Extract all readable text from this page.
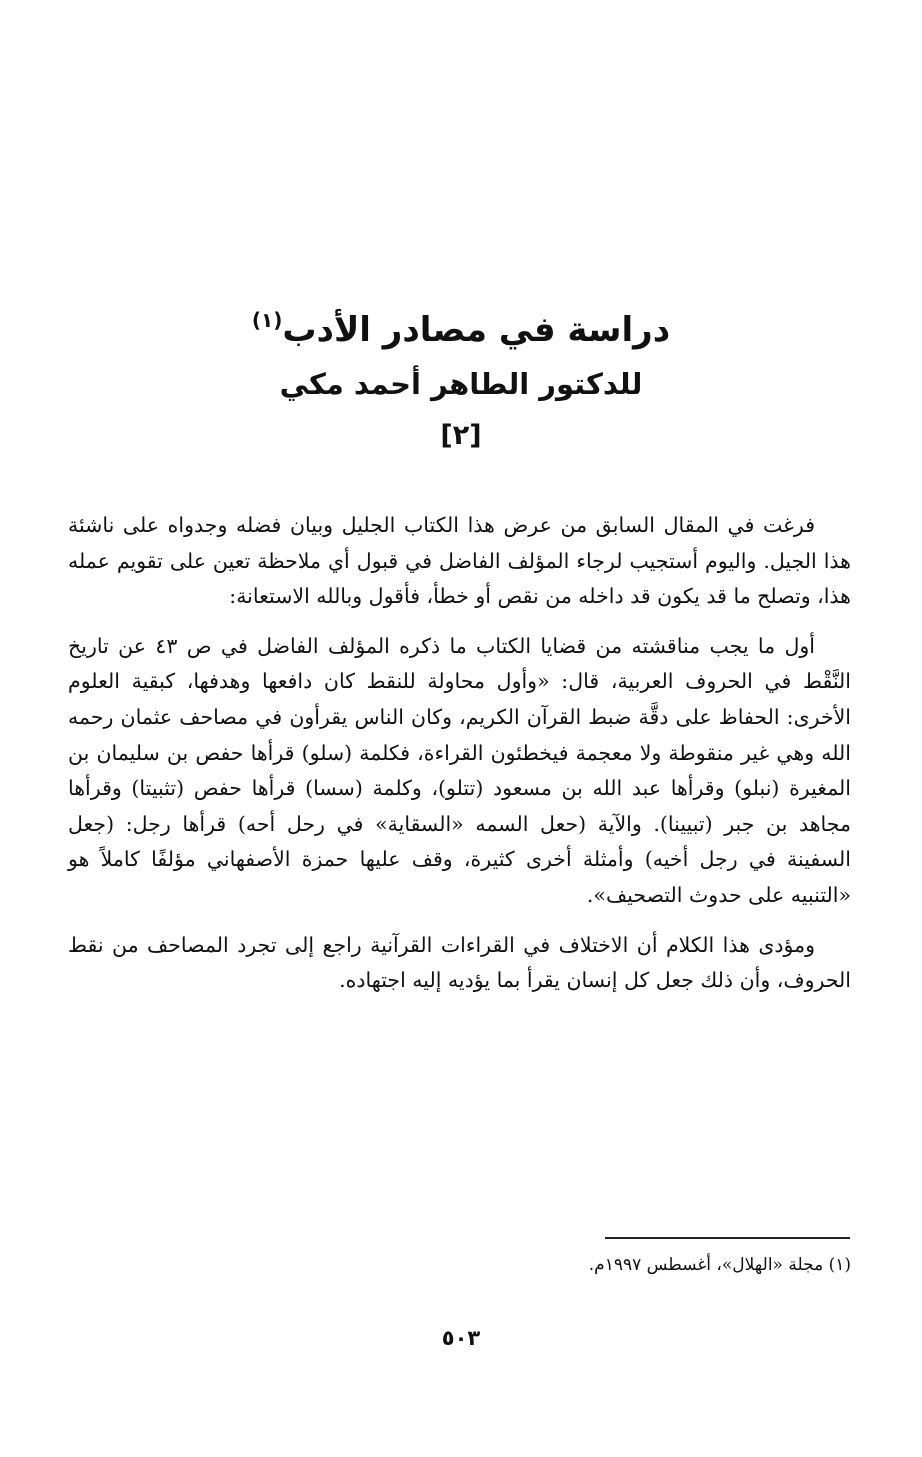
دراسة في مصادر الأدب$^{(١)}$
للدكتور الطاهر أحمد مكي
[٢]

فرغت في المقال السابق من عرض هذا الكتاب الجليل وبيان فضله وجدواه على ناشئة هذا الجيل. واليوم أستجيب لرجاء المؤلف الفاضل في قبول أي ملاحظة تعين على تقويم عمله هذا، وتصلح ما قد يكون قد داخله من نقص أو خطأ، فأقول وبالله الاستعانة:

أول ما يجب مناقشته من قضايا الكتاب ما ذكره المؤلف الفاضل في ص ٤٣ عن تاريخ النَّقْط في الحروف العربية، قال: «وأول محاولة للنقط كان دافعها وهدفها، كبقية العلوم الأخرى: الحفاظ على دقَّة ضبط القرآن الكريم، وكان الناس يقرأون في مصاحف عثمان رحمه الله وهي غير منقوطة ولا معجمة فيخطئون القراءة، فكلمة (سلو) قرأها حفص بن سليمان بن المغيرة (نبلو) وقرأها عبد الله بن مسعود (تتلو)، وكلمة (سسا) قرأها حفص (تثبيتا) وقرأها مجاهد بن جبر (تبيينا). والآية (حعل السمه «السقاية» في رحل أحه) قرأها رجل: (جعل السفينة في رجل أخيه) وأمثلة أخرى كثيرة، وقف عليها حمزة الأصفهاني مؤلفًا كاملاً هو «التنبيه على حدوث التصحيف».

ومؤدى هذا الكلام أن الاختلاف في القراءات القرآنية راجع إلى تجرد المصاحف من نقط الحروف، وأن ذلك جعل كل إنسان يقرأ بما يؤديه إليه اجتهاده.

(١) مجلة «الهلال»، أغسطس ١٩٩٧م.
٥٠٣
